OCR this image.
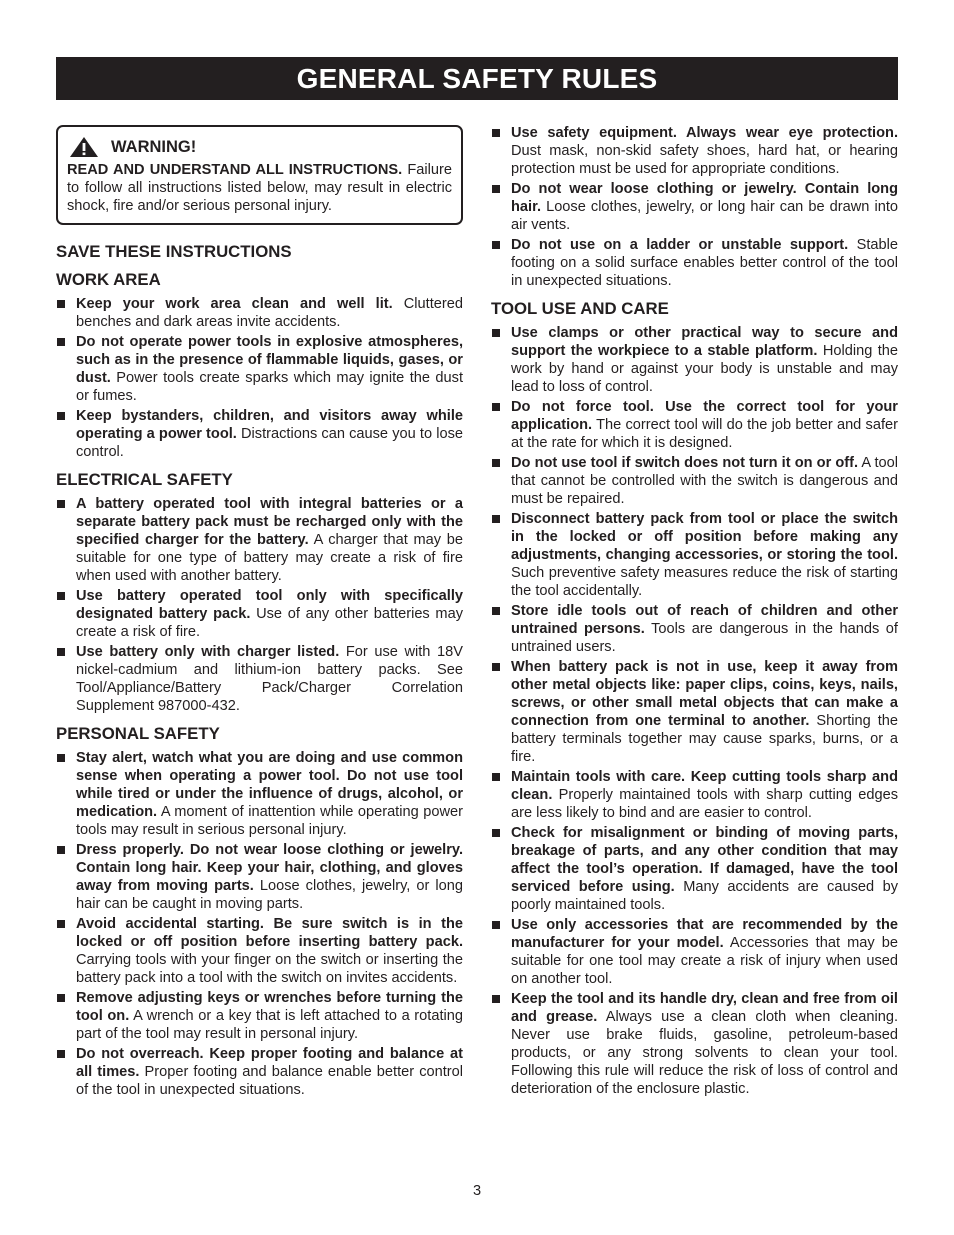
GENERAL SAFETY RULES
WARNING!
READ AND UNDERSTAND ALL INSTRUCTIONS. Failure to follow all instructions listed below, may result in electric shock, fire and/or serious personal injury.
SAVE THESE INSTRUCTIONS
WORK AREA
Keep your work area clean and well lit. Cluttered benches and dark areas invite accidents.
Do not operate power tools in explosive atmospheres, such as in the presence of flammable liquids, gases, or dust. Power tools create sparks which may ignite the dust or fumes.
Keep bystanders, children, and visitors away while operating a power tool. Distractions can cause you to lose control.
ELECTRICAL SAFETY
A battery operated tool with integral batteries or a separate battery pack must be recharged only with the specified charger for the battery. A charger that may be suitable for one type of battery may create a risk of fire when used with another battery.
Use battery operated tool only with specifically designated battery pack. Use of any other batteries may create a risk of fire.
Use battery only with charger listed. For use with 18V nickel-cadmium and lithium-ion battery packs. See Tool/Appliance/Battery Pack/Charger Correlation Supplement 987000-432.
PERSONAL SAFETY
Stay alert, watch what you are doing and use common sense when operating a power tool. Do not use tool while tired or under the influence of drugs, alcohol, or medication. A moment of inattention while operating power tools may result in serious personal injury.
Dress properly. Do not wear loose clothing or jewelry. Contain long hair. Keep your hair, clothing, and gloves away from moving parts. Loose clothes, jewelry, or long hair can be caught in moving parts.
Avoid accidental starting. Be sure switch is in the locked or off position before inserting battery pack. Carrying tools with your finger on the switch or inserting the battery pack into a tool with the switch on invites accidents.
Remove adjusting keys or wrenches before turning the tool on. A wrench or a key that is left attached to a rotating part of the tool may result in personal injury.
Do not overreach. Keep proper footing and balance at all times. Proper footing and balance enable better control of the tool in unexpected situations.
Use safety equipment. Always wear eye protection. Dust mask, non-skid safety shoes, hard hat, or hearing protection must be used for appropriate conditions.
Do not wear loose clothing or jewelry. Contain long hair. Loose clothes, jewelry, or long hair can be drawn into air vents.
Do not use on a ladder or unstable support. Stable footing on a solid surface enables better control of the tool in unexpected situations.
TOOL USE AND CARE
Use clamps or other practical way to secure and support the workpiece to a stable platform. Holding the work by hand or against your body is unstable and may lead to loss of control.
Do not force tool. Use the correct tool for your application. The correct tool will do the job better and safer at the rate for which it is designed.
Do not use tool if switch does not turn it on or off. A tool that cannot be controlled with the switch is dangerous and must be repaired.
Disconnect battery pack from tool or place the switch in the locked or off position before making any adjustments, changing accessories, or storing the tool. Such preventive safety measures reduce the risk of starting the tool accidentally.
Store idle tools out of reach of children and other untrained persons. Tools are dangerous in the hands of untrained users.
When battery pack is not in use, keep it away from other metal objects like: paper clips, coins, keys, nails, screws, or other small metal objects that can make a connection from one terminal to another. Shorting the battery terminals together may cause sparks, burns, or a fire.
Maintain tools with care. Keep cutting tools sharp and clean. Properly maintained tools with sharp cutting edges are less likely to bind and are easier to control.
Check for misalignment or binding of moving parts, breakage of parts, and any other condition that may affect the tool’s operation. If damaged, have the tool serviced before using. Many accidents are caused by poorly maintained tools.
Use only accessories that are recommended by the manufacturer for your model. Accessories that may be suitable for one tool may create a risk of injury when used on another tool.
Keep the tool and its handle dry, clean and free from oil and grease. Always use a clean cloth when cleaning. Never use brake fluids, gasoline, petroleum-based products, or any strong solvents to clean your tool. Following this rule will reduce the risk of loss of control and deterioration of the enclosure plastic.
3
